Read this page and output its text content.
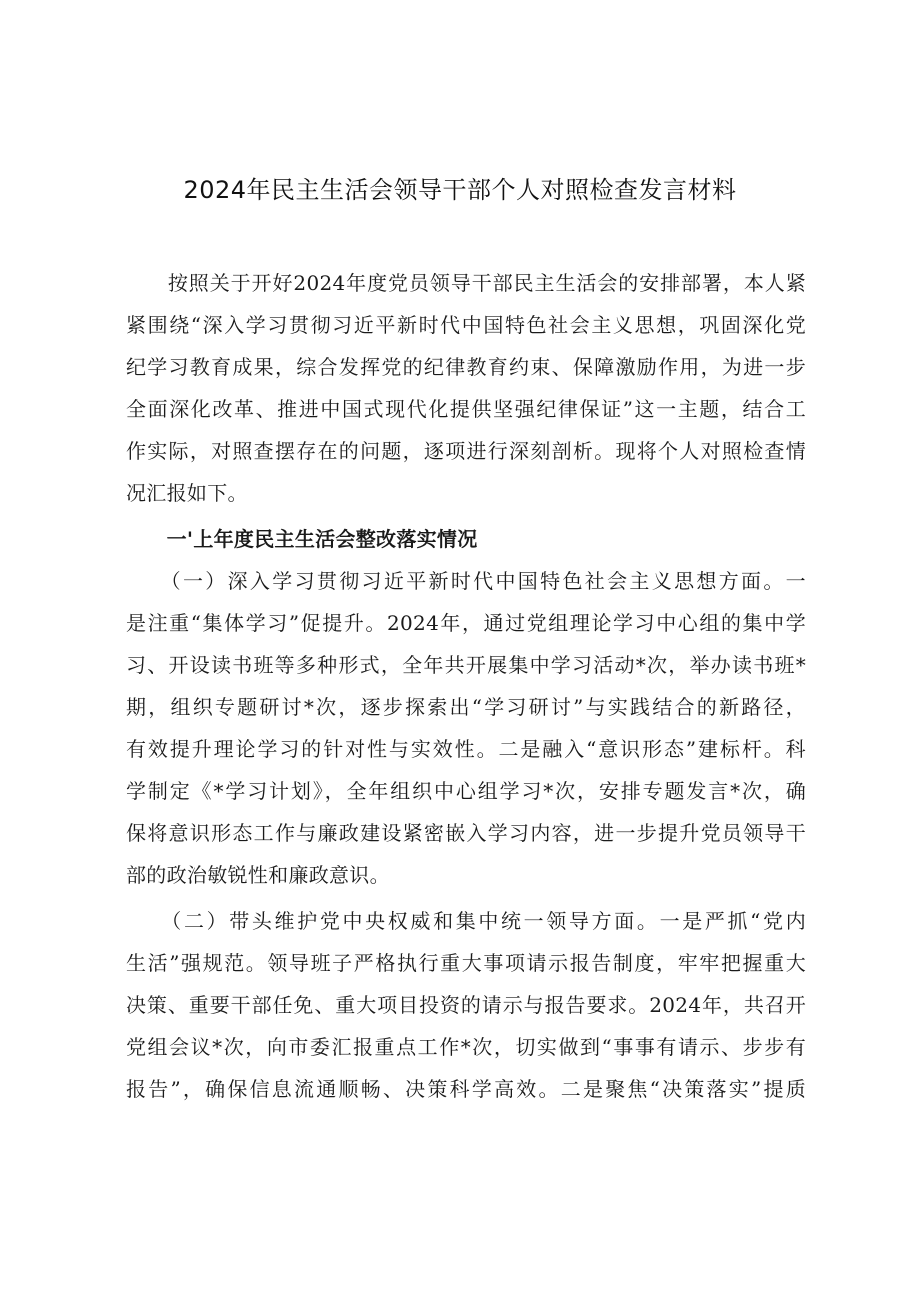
2024年民主生活会领导干部个人对照检查发言材料
　　按照关于开好2024年度党员领导干部民主生活会的安排部署，本人紧
紧围绕“深入学习贯彻习近平新时代中国特色社会主义思想，巩固深化党
纪学习教育成果，综合发挥党的纪律教育约束、保障激励作用，为进一步
全面深化改革、推进中国式现代化提供坚强纪律保证”这一主题，结合工
作实际，对照查摆存在的问题，逐项进行深刻剖析。现将个人对照检查情
况汇报如下。
　　一'上年度民主生活会整改落实情况
　　（一）深入学习贯彻习近平新时代中国特色社会主义思想方面。一
是注重“集体学习”促提升。2024年，通过党组理论学习中心组的集中学
习、开设读书班等多种形式，全年共开展集中学习活动*次，举办读书班*
期，组织专题研讨*次，逐步探索出“学习研讨”与实践结合的新路径，
有效提升理论学习的针对性与实效性。二是融入“意识形态”建标杆。科
学制定《*学习计划》，全年组织中心组学习*次，安排专题发言*次，确
保将意识形态工作与廉政建设紧密嵌入学习内容，进一步提升党员领导干
部的政治敏锐性和廉政意识。
　　（二）带头维护党中央权威和集中统一领导方面。一是严抓“党内
生活”强规范。领导班子严格执行重大事项请示报告制度，牢牢把握重大
决策、重要干部任免、重大项目投资的请示与报告要求。2024年，共召开
党组会议*次，向市委汇报重点工作*次，切实做到“事事有请示、步步有
报告”，确保信息流通顺畅、决策科学高效。二是聚焦“决策落实”提质
